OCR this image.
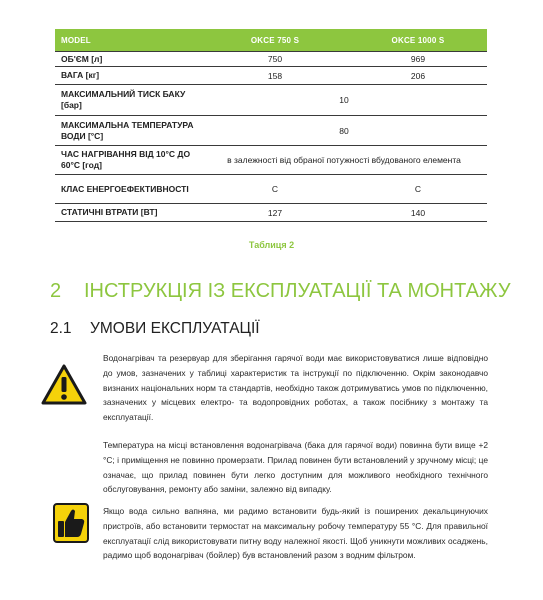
MODEL	OKCE 750 S	OKCE 1000 S
ОБ'ЄМ [л]	750	969
ВАГА [кг]	158	206
МАКСИМАЛЬНИЙ ТИСК БАКУ [бар]	10	
МАКСИМАЛЬНА ТЕМПЕРАТУРА ВОДИ [°C]	80	
ЧАС НАГРІВАННЯ ВІД 10°C ДО 60°C [год]	в залежності від обраної потужності вбудованого елемента	
КЛАС ЕНЕРГОЕФЕКТИВНОСТІ	C	C
СТАТИЧНІ ВТРАТИ [ВТ]	127	140
Таблиця 2
2 ІНСТРУКЦІЯ ІЗ ЕКСПЛУАТАЦІЇ ТА МОНТАЖУ
2.1 УМОВИ ЕКСПЛУАТАЦІЇ

Водонагрівач та резервуар для зберігання гарячої води має використовуватися лише відповідно до умов, зазначених у таблиці характеристик та інструкції по підключенню. Окрім законодавчо визнаних національних норм та стандартів, необхідно також дотримуватись умов по підключенню, зазначених у місцевих електро- та водопровідних роботах, а також посібнику з монтажу та експлуатації.

Температура на місці встановлення водонагрівача (бака для гарячої води) повинна бути вище +2 °C; і приміщення не повинно промерзати. Прилад повинен бути встановлений у зручному місці; це означає, що прилад повинен бути легко доступним для можливого необхідного технічного обслуговування, ремонту або заміни, залежно від випадку.

Якщо вода сильно вапняна, ми радимо встановити будь-який із поширених декальцинуючих пристроїв, або встановити термостат на максимальну робочу температуру 55 °C. Для правильної експлуатації слід використовувати питну воду належної якості. Щоб уникнути можливих осаджень, радимо щоб водонагрівач (бойлер) був встановлений разом з водним фільтром.
